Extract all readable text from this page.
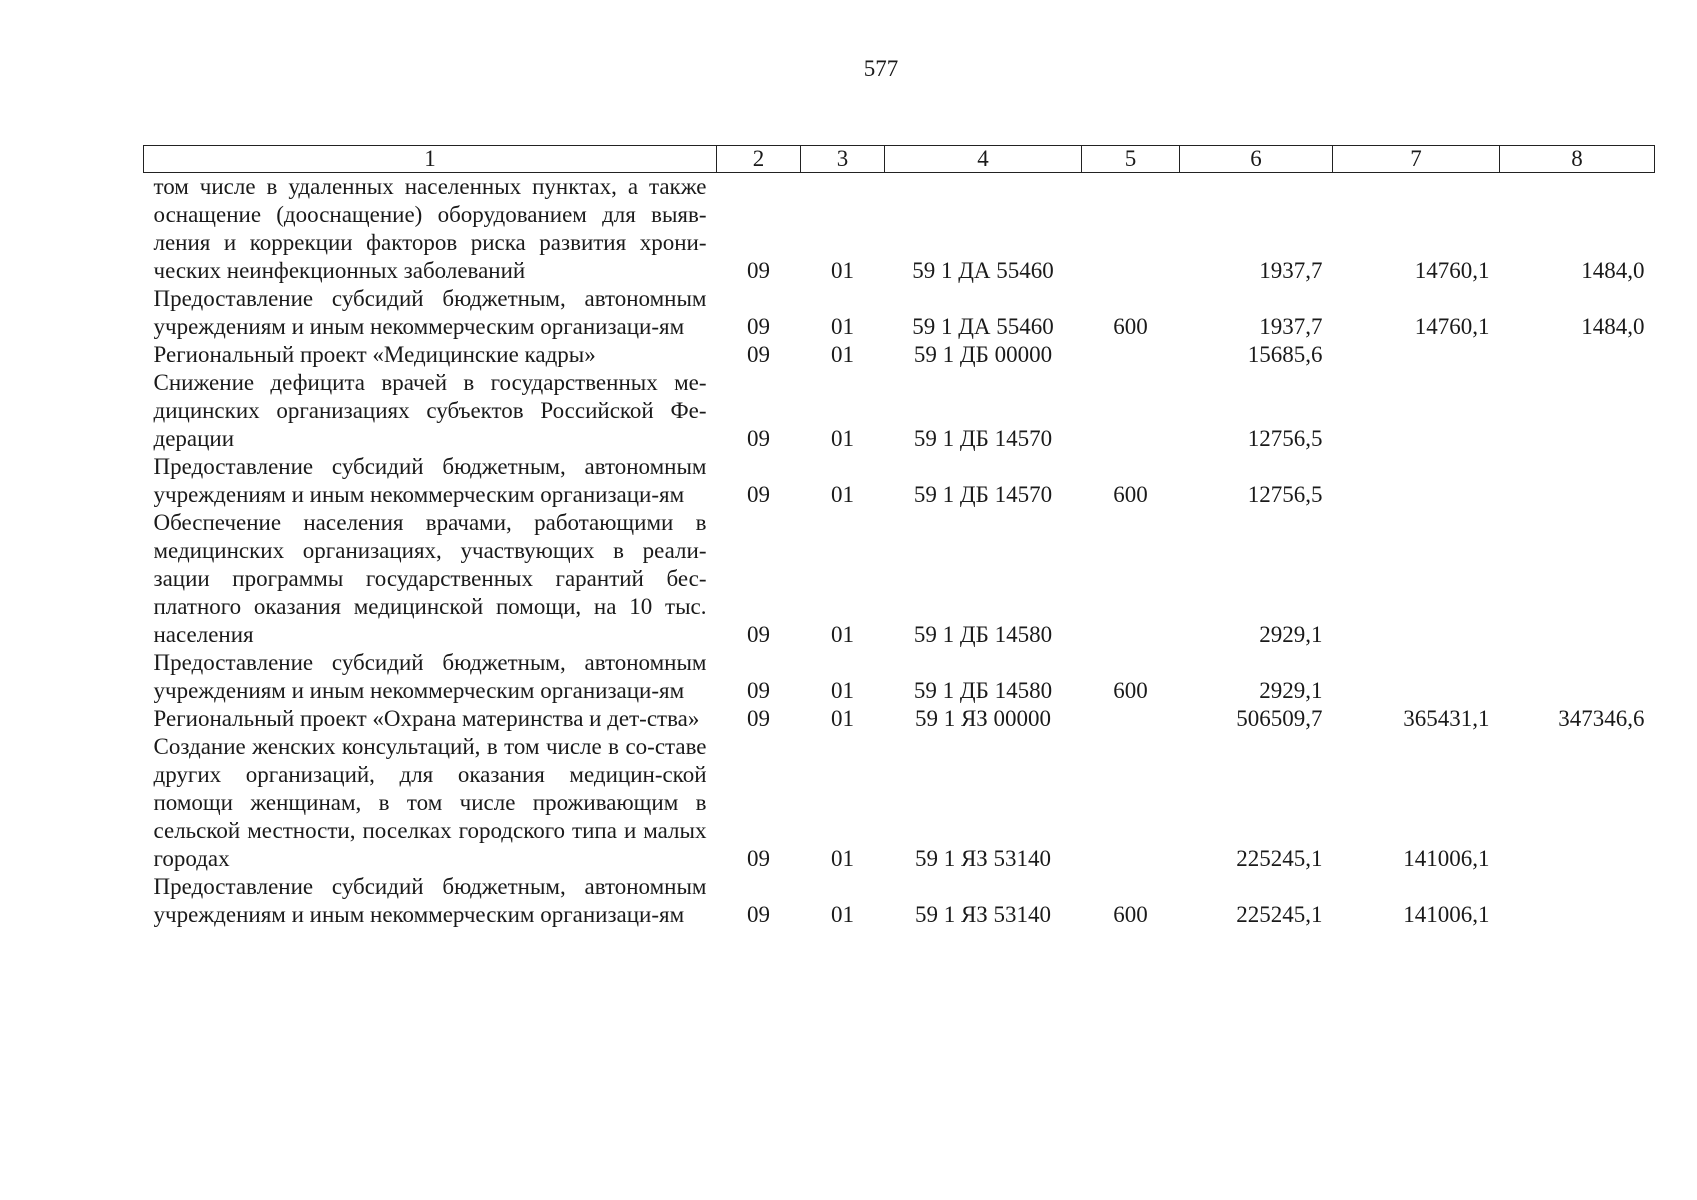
577
1	2	3	4	5	6	7	8
том числе в удаленных населенных пунктах, а также оснащение (дооснащение) оборудованием для выяв-ления и коррекции факторов риска развития хрони-ческих неинфекционных заболеваний	09	01	59 1 ДА 55460		1937,7	14760,1	1484,0
Предоставление субсидий бюджетным, автономным учреждениям и иным некоммерческим организаци-ям	09	01	59 1 ДА 55460	600	1937,7	14760,1	1484,0
Региональный проект «Медицинские кадры»	09	01	59 1 ДБ 00000		15685,6		
Снижение дефицита врачей в государственных ме-дицинских организациях субъектов Российской Фе-дерации	09	01	59 1 ДБ 14570		12756,5		
Предоставление субсидий бюджетным, автономным учреждениям и иным некоммерческим организаци-ям	09	01	59 1 ДБ 14570	600	12756,5		
Обеспечение населения врачами, работающими в медицинских организациях, участвующих в реали-зации программы государственных гарантий бес-платного оказания медицинской помощи, на 10 тыс. населения	09	01	59 1 ДБ 14580		2929,1		
Предоставление субсидий бюджетным, автономным учреждениям и иным некоммерческим организаци-ям	09	01	59 1 ДБ 14580	600	2929,1		
Региональный проект «Охрана материнства и дет-ства»	09	01	59 1 ЯЗ 00000		506509,7	365431,1	347346,6
Создание женских консультаций, в том числе в со-ставе других организаций, для оказания медицин-ской помощи женщинам, в том числе проживающим в сельской местности, поселках городского типа и малых городах	09	01	59 1 ЯЗ 53140		225245,1	141006,1	
Предоставление субсидий бюджетным, автономным учреждениям и иным некоммерческим организаци-ям	09	01	59 1 ЯЗ 53140	600	225245,1	141006,1	
